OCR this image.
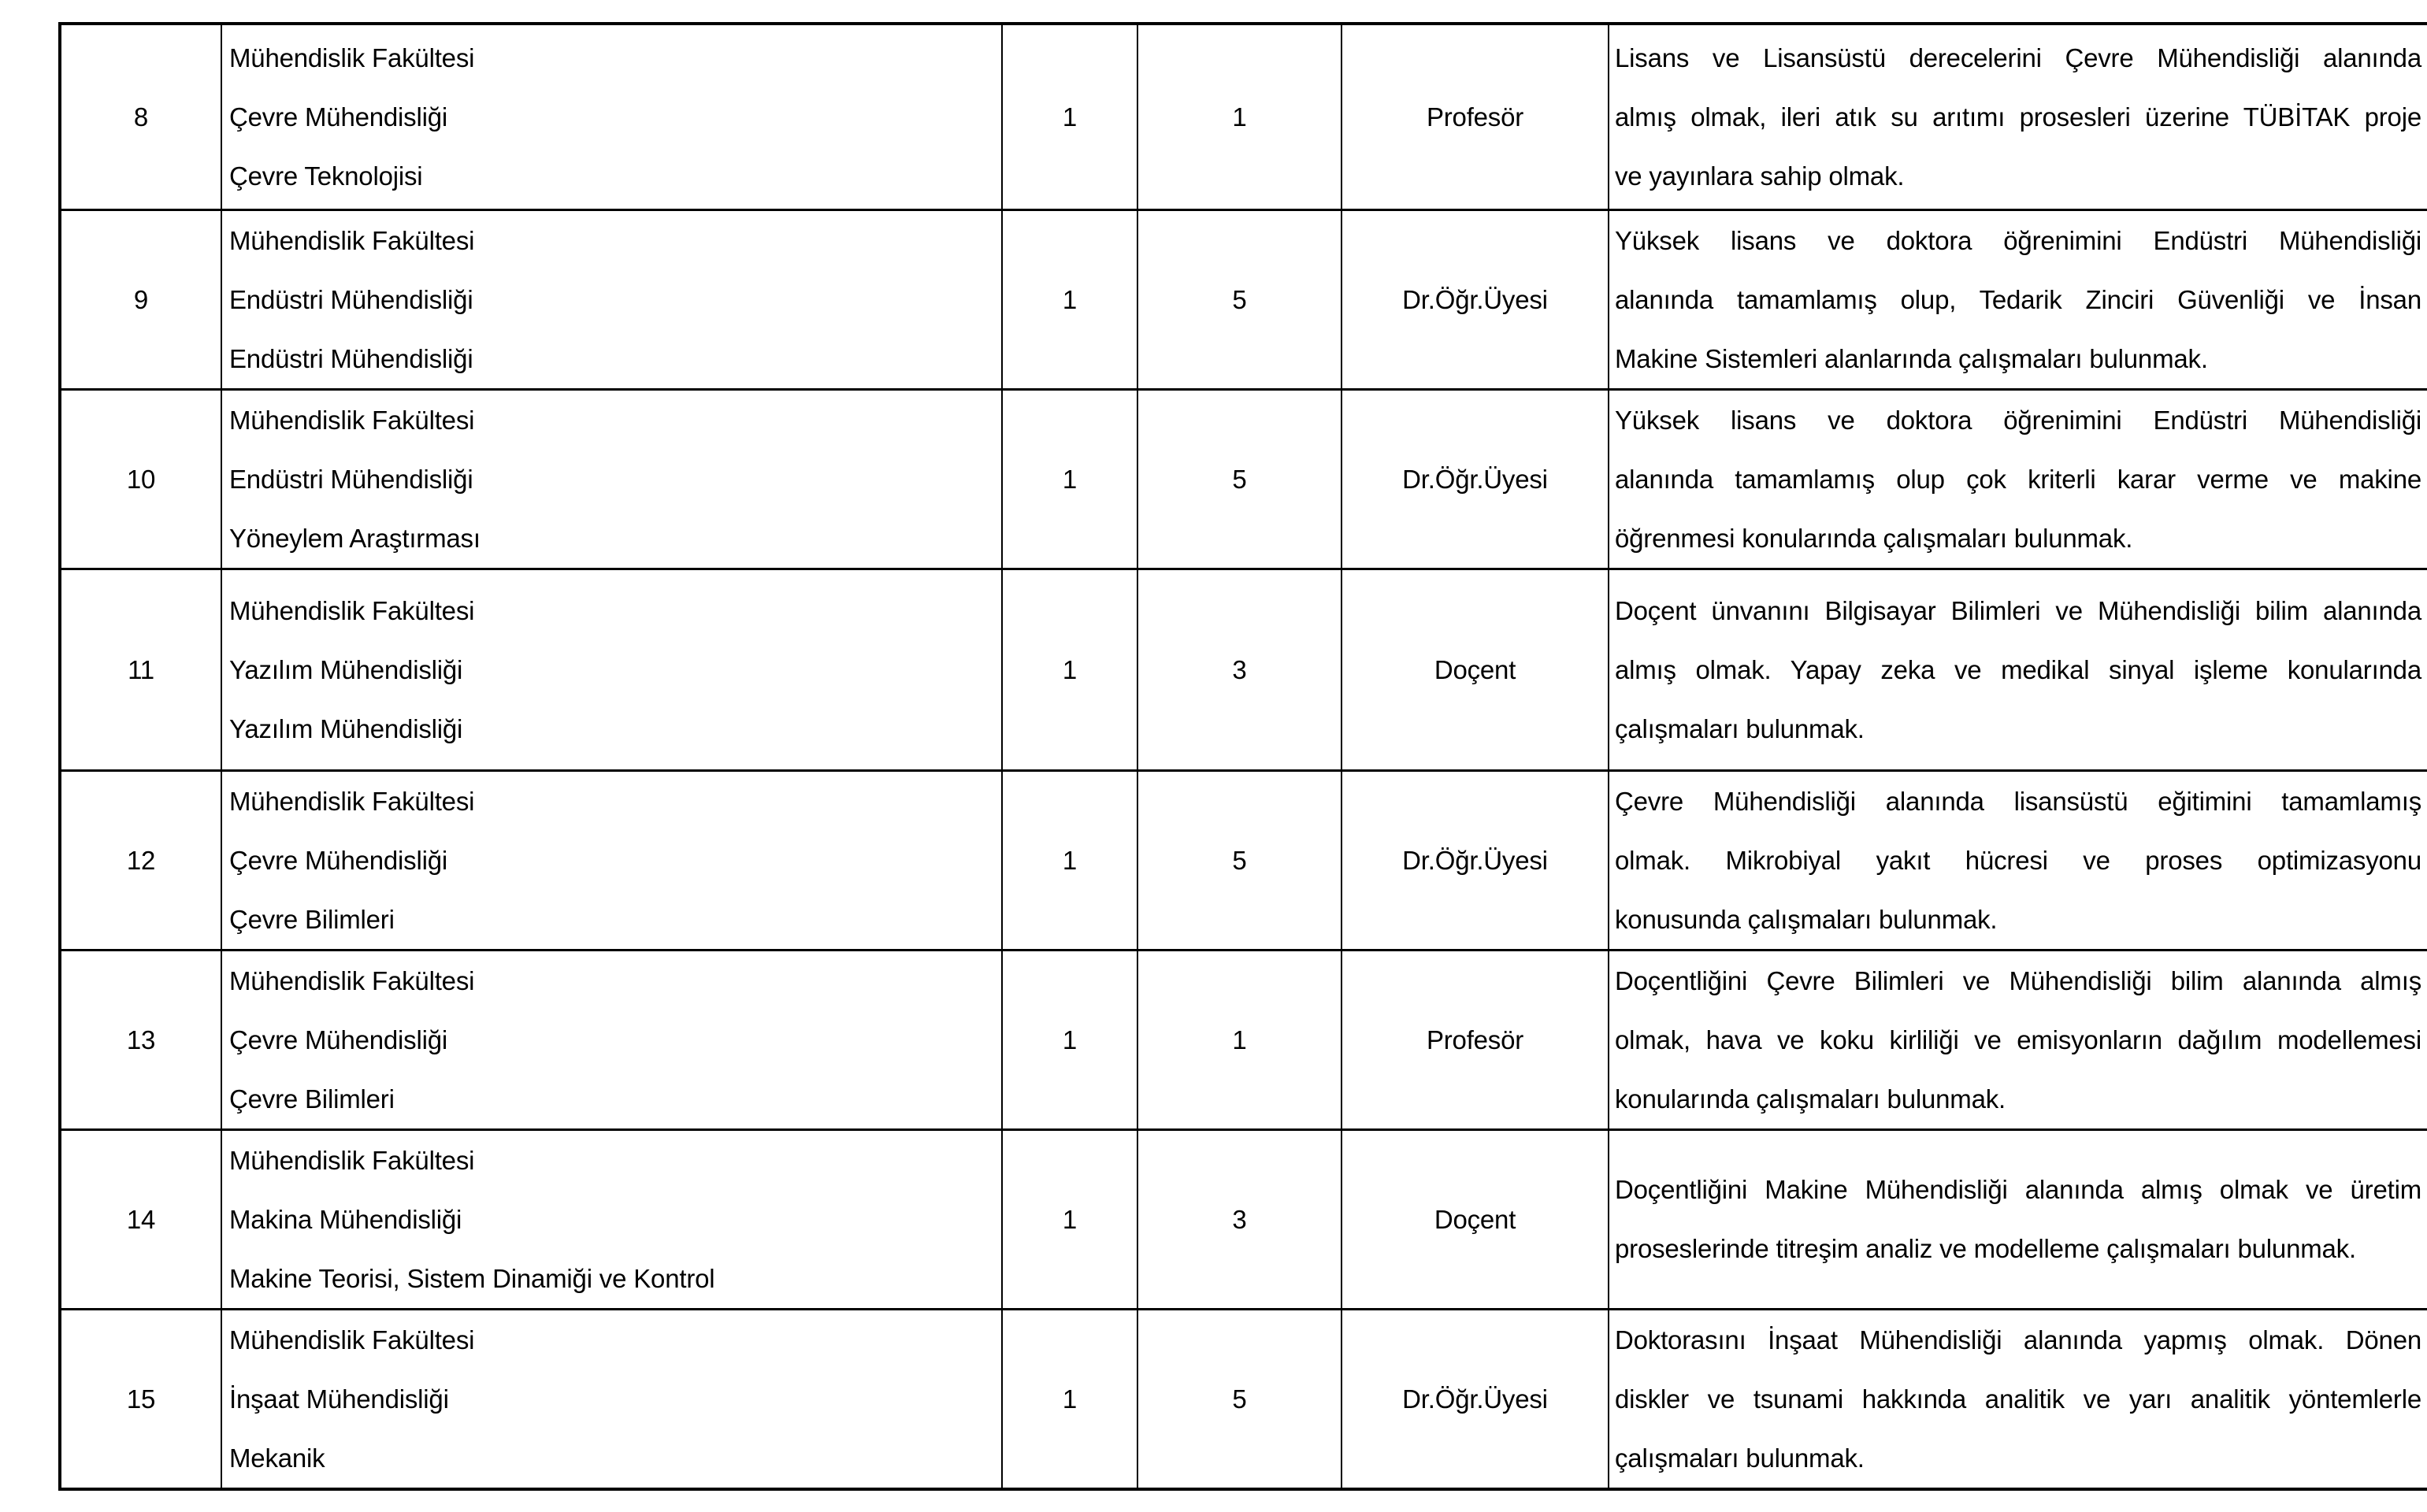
8	
Mühendislik Fakültesi
Çevre Mühendisliği
Çevre Teknolojisi
	1	1	Profesör	
Lisans ve Lisansüstü derecelerini Çevre Mühendisliği alanında
almış olmak, ileri atık su arıtımı prosesleri üzerine TÜBİTAK proje
ve yayınlara sahip olmak.

9	
Mühendislik Fakültesi
Endüstri Mühendisliği
Endüstri Mühendisliği
	1	5	Dr.Öğr.Üyesi	
Yüksek lisans ve doktora öğrenimini Endüstri Mühendisliği
alanında tamamlamış olup, Tedarik Zinciri Güvenliği ve İnsan
Makine Sistemleri alanlarında çalışmaları bulunmak.

10	
Mühendislik Fakültesi
Endüstri Mühendisliği
Yöneylem Araştırması
	1	5	Dr.Öğr.Üyesi	
Yüksek lisans ve doktora öğrenimini Endüstri Mühendisliği
alanında tamamlamış olup çok kriterli karar verme ve makine
öğrenmesi konularında çalışmaları bulunmak.

11	
Mühendislik Fakültesi
Yazılım Mühendisliği
Yazılım Mühendisliği
	1	3	Doçent	
Doçent ünvanını Bilgisayar Bilimleri ve Mühendisliği bilim alanında
almış olmak. Yapay zeka ve medikal sinyal işleme konularında
çalışmaları bulunmak.

12	
Mühendislik Fakültesi
Çevre Mühendisliği
Çevre Bilimleri
	1	5	Dr.Öğr.Üyesi	
Çevre Mühendisliği alanında lisansüstü eğitimini tamamlamış
olmak. Mikrobiyal yakıt hücresi ve proses optimizasyonu
konusunda çalışmaları bulunmak.

13	
Mühendislik Fakültesi
Çevre Mühendisliği
Çevre Bilimleri
	1	1	Profesör	
Doçentliğini Çevre Bilimleri ve Mühendisliği bilim alanında almış
olmak, hava ve koku kirliliği ve emisyonların dağılım modellemesi
konularında çalışmaları bulunmak.

14	
Mühendislik Fakültesi
Makina Mühendisliği
Makine Teorisi, Sistem Dinamiği ve Kontrol
	1	3	Doçent	
Doçentliğini Makine Mühendisliği alanında almış olmak ve üretim
proseslerinde titreşim analiz ve modelleme çalışmaları bulunmak.

15	
Mühendislik Fakültesi
İnşaat Mühendisliği
Mekanik
	1	5	Dr.Öğr.Üyesi	
Doktorasını İnşaat Mühendisliği alanında yapmış olmak. Dönen
diskler ve tsunami hakkında analitik ve yarı analitik yöntemlerle
çalışmaları bulunmak.
